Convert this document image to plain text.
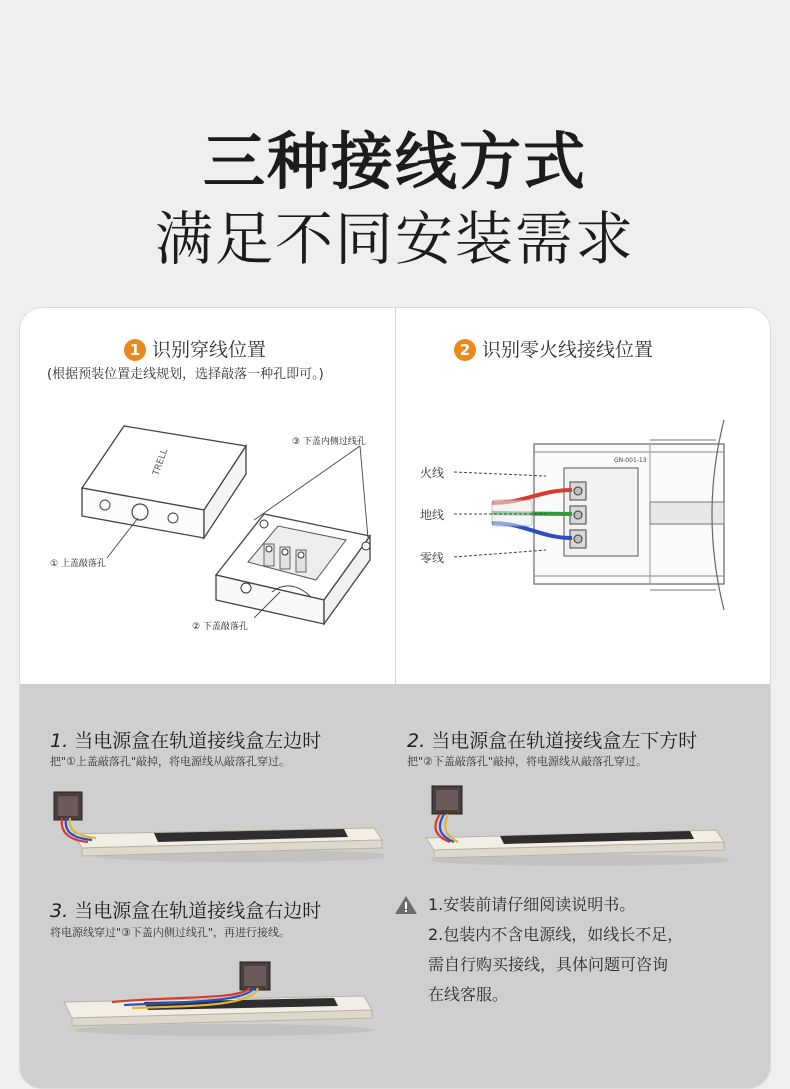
三种接线方式
满足不同安装需求
1 识别穿线位置
(根据预装位置走线规划，选择敲落一种孔即可。)
2 识别零火线接线位置
TRELL
③ 下盖内侧过线孔
① 上盖敲落孔
② 下盖敲落孔
GN-001-13
火线
地线
零线
1. 当电源盒在轨道接线盒左边时
把"①上盖敲落孔"敲掉，将电源线从敲落孔穿过。
2. 当电源盒在轨道接线盒左下方时
把"②下盖敲落孔"敲掉，将电源线从敲落孔穿过。
3. 当电源盒在轨道接线盒右边时
将电源线穿过"③下盖内侧过线孔"，再进行接线。
1.安装前请仔细阅读说明书。
2.包装内不含电源线，如线长不足，
需自行购买接线，具体问题可咨询
在线客服。
